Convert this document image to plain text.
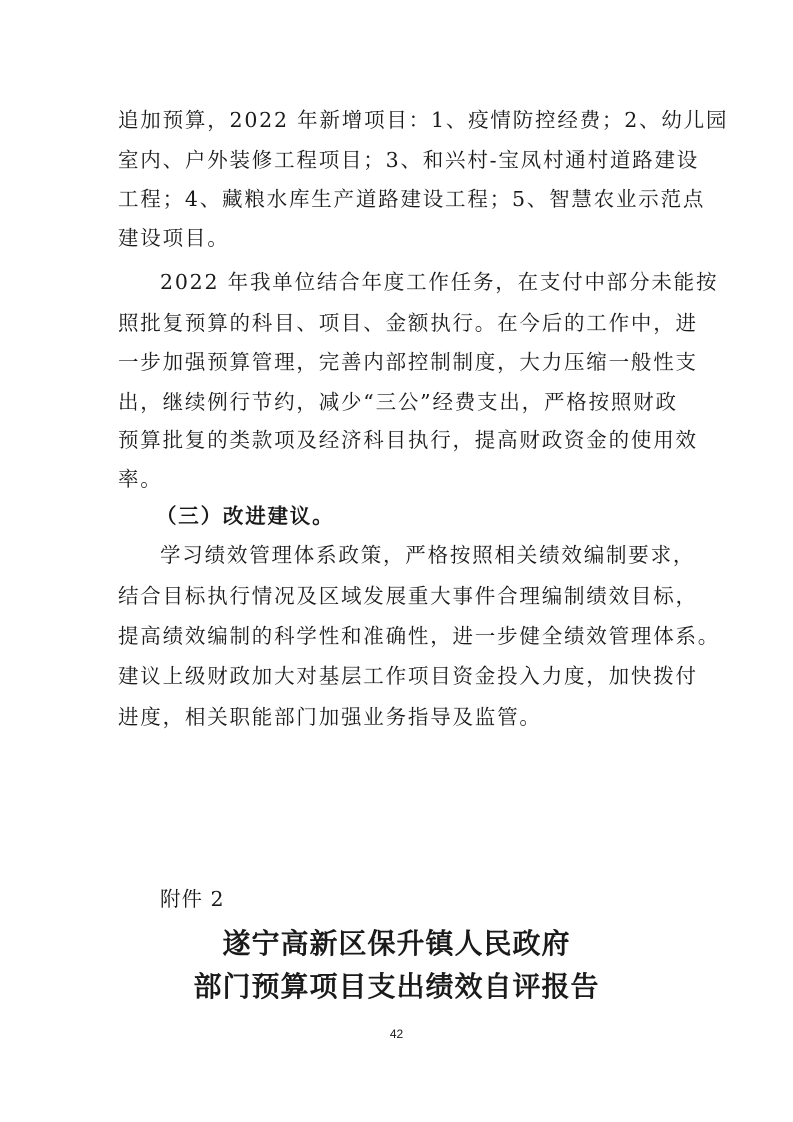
追加预算，2022 年新增项目：1、疫情防控经费；2、幼儿园
室内、户外装修工程项目；3、和兴村-宝凤村通村道路建设
工程；4、藏粮水库生产道路建设工程；5、智慧农业示范点
建设项目。
2022 年我单位结合年度工作任务，在支付中部分未能按
照批复预算的科目、项目、金额执行。在今后的工作中，进
一步加强预算管理，完善内部控制制度，大力压缩一般性支
出，继续例行节约，减少“三公”经费支出，严格按照财政
预算批复的类款项及经济科目执行，提高财政资金的使用效
率。
（三）改进建议。
学习绩效管理体系政策，严格按照相关绩效编制要求，
结合目标执行情况及区域发展重大事件合理编制绩效目标，
提高绩效编制的科学性和准确性，进一步健全绩效管理体系。
建议上级财政加大对基层工作项目资金投入力度，加快拨付
进度，相关职能部门加强业务指导及监管。
附件 2
遂宁高新区保升镇人民政府
部门预算项目支出绩效自评报告
42
